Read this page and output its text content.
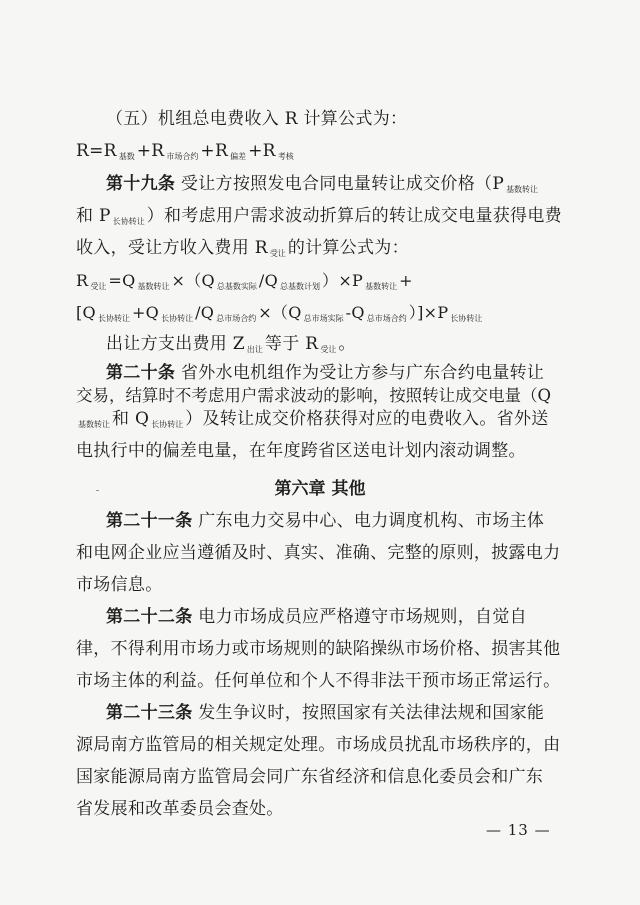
（五）机组总电费收入 R 计算公式为：
R=R $_{基数}$ +R $_{市场合约}$ +R $_{偏差}$ +R $_{考核}$
第十九条 受让方按照发电合同电量转让成交价格（P $_{基数转让}$
和 P $_{长协转让}$ ）和考虑用户需求波动折算后的转让成交电量获得电费
收入，受让方收入费用 R $_{受让}$ 的计算公式为：
R $_{受让}$ =Q $_{基数转让}$ ×（Q $_{总基数实际}$ /Q $_{总基数计划}$ ）×P $_{基数转让}$ +
[Q $_{长协转让}$ +Q $_{长协转让}$ /Q $_{总市场合约}$ ×（Q $_{总市场实际}$ -Q $_{总市场合约}$ ）]×P $_{长协转让}$
出让方支出费用 Z $_{出让}$ 等于 R $_{受让}$ 。
第二十条 省外水电机组作为受让方参与广东合约电量转让
交易，结算时不考虑用户需求波动的影响，按照转让成交电量（Q
$_{基数转让}$ 和 Q $_{长协转让}$ ）及转让成交价格获得对应的电费收入。省外送
电执行中的偏差电量，在年度跨省区送电计划内滚动调整。
第六章 其他
第二十一条 广东电力交易中心、电力调度机构、市场主体
和电网企业应当遵循及时、真实、准确、完整的原则，披露电力
市场信息。
第二十二条 电力市场成员应严格遵守市场规则，自觉自
律，不得利用市场力或市场规则的缺陷操纵市场价格、损害其他
市场主体的利益。任何单位和个人不得非法干预市场正常运行。
第二十三条 发生争议时，按照国家有关法律法规和国家能
源局南方监管局的相关规定处理。市场成员扰乱市场秩序的，由
国家能源局南方监管局会同广东省经济和信息化委员会和广东
省发展和改革委员会查处。
— 13 —
